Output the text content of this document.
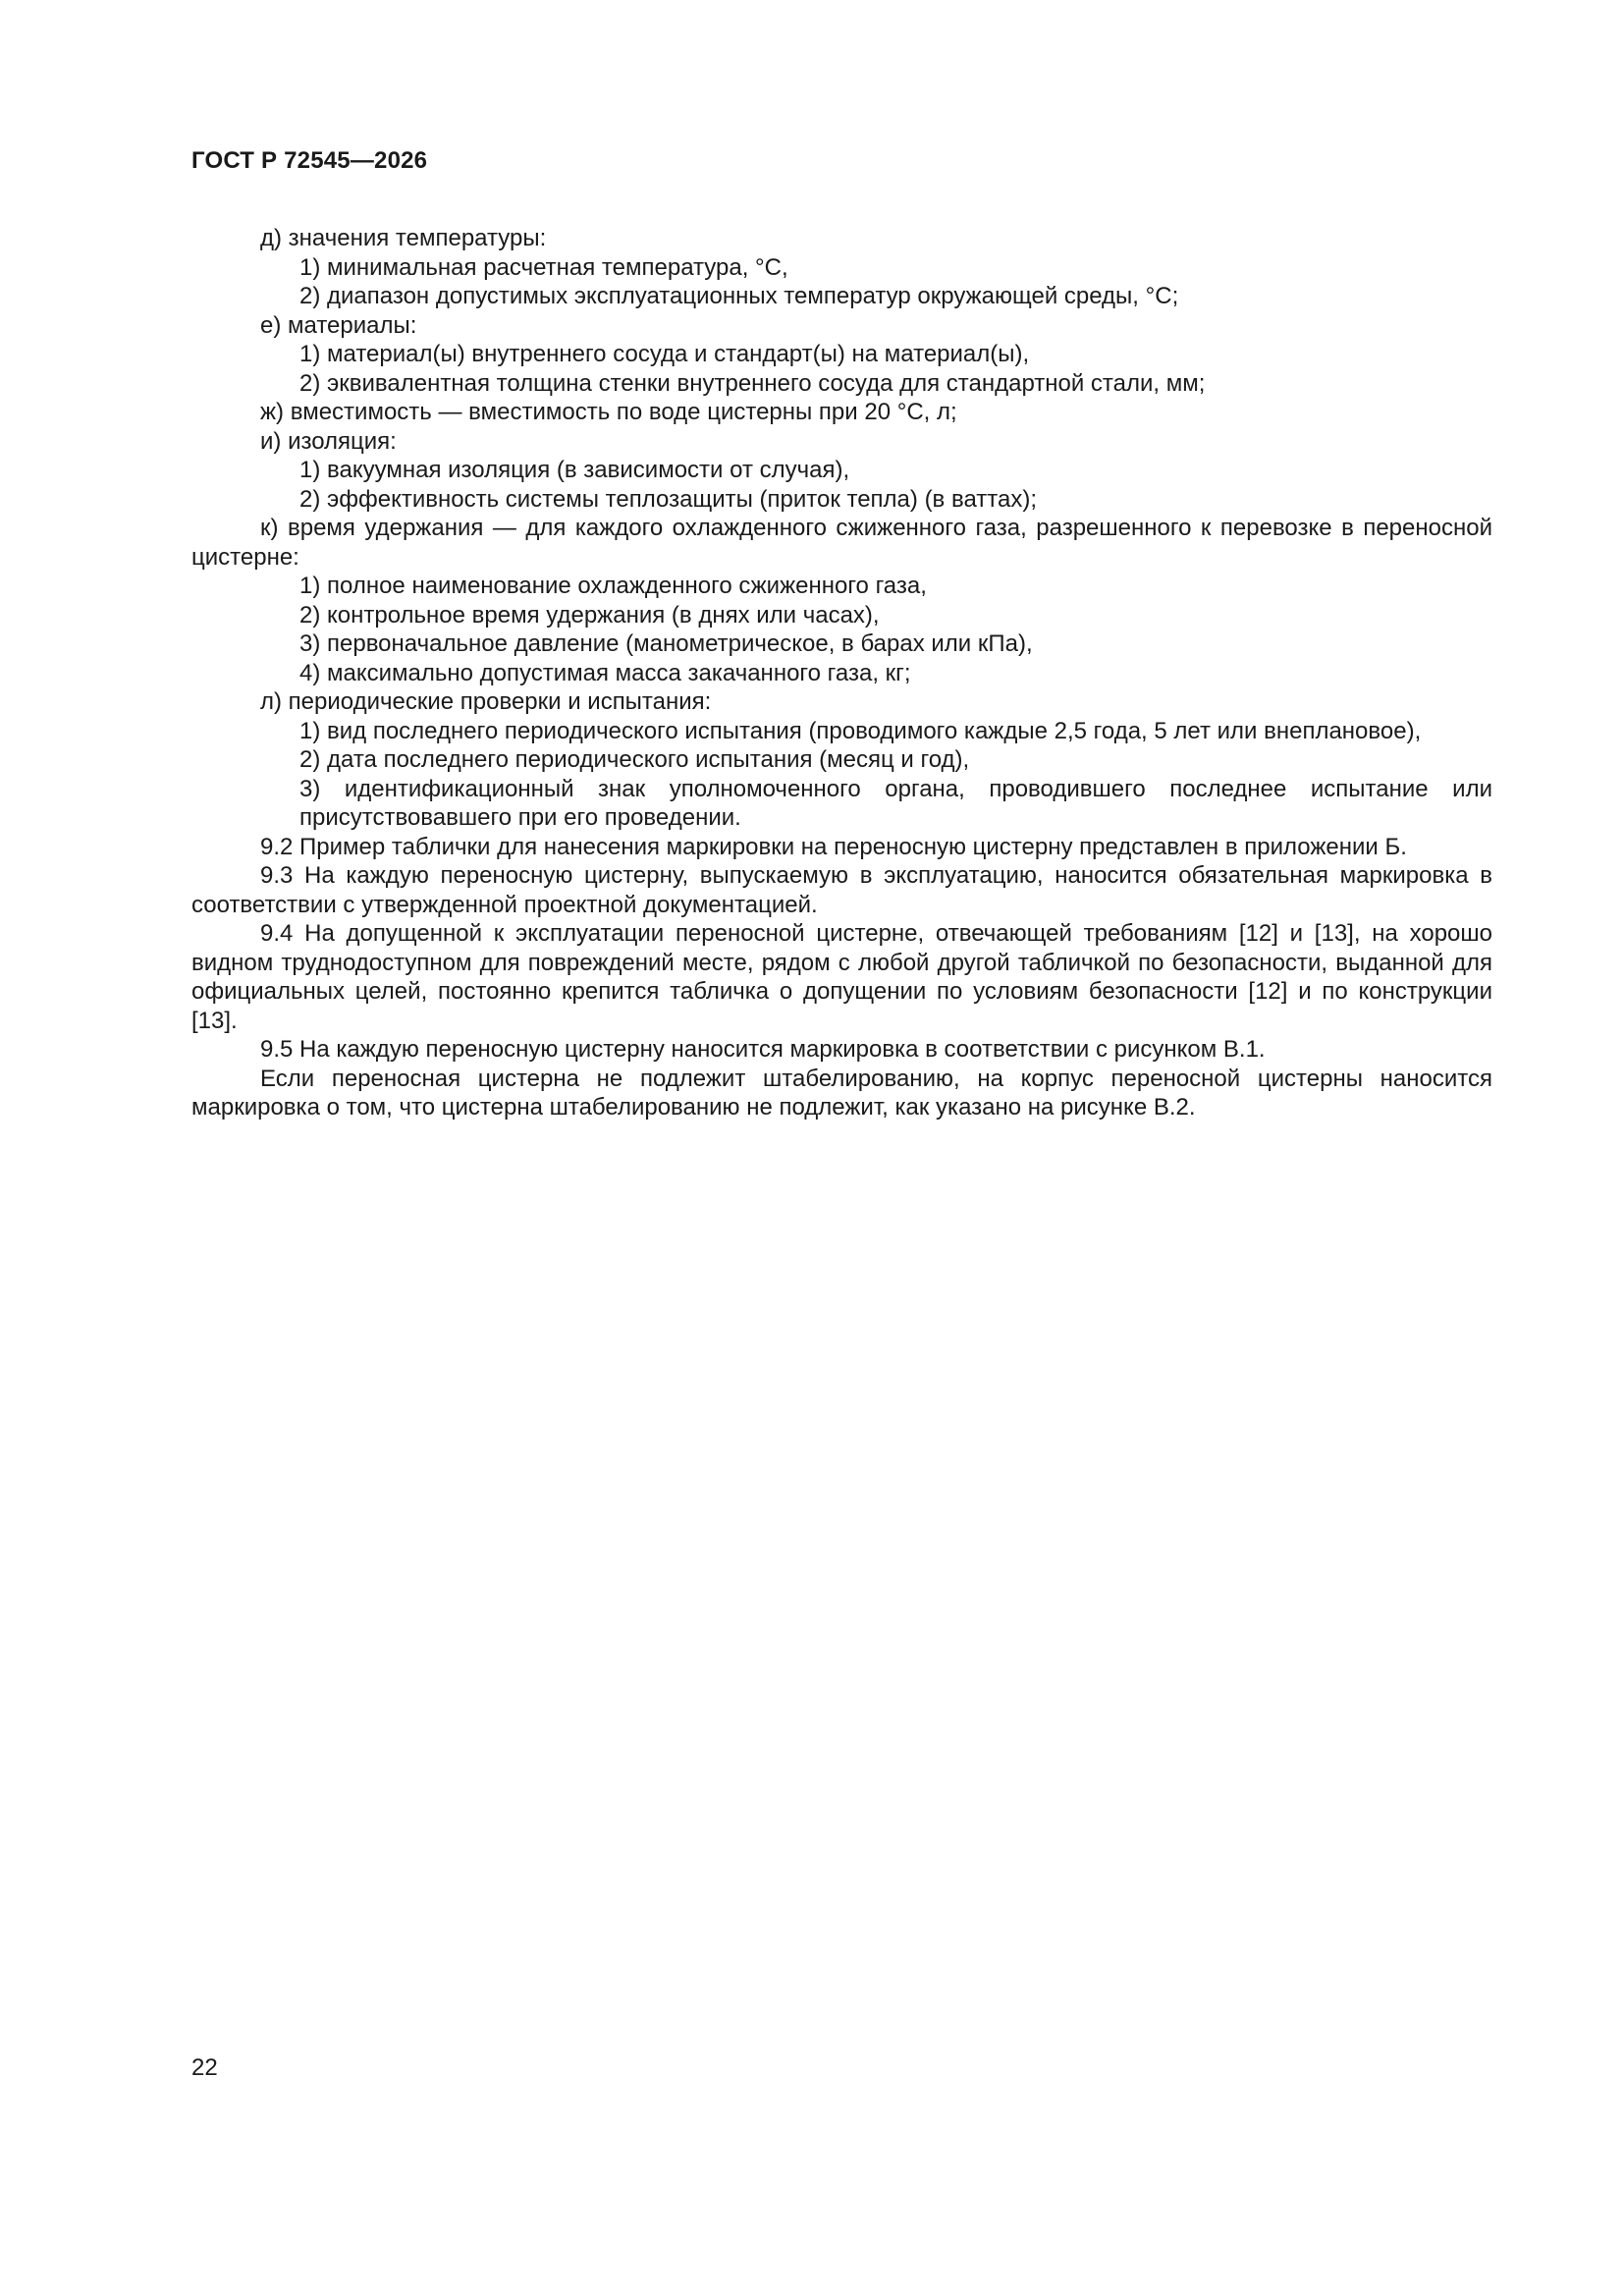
ГОСТ Р 72545—2026

д) значения температуры:

1) минимальная расчетная температура, °С,

2) диапазон допустимых эксплуатационных температур окружающей среды, °С;

е) материалы:

1) материал(ы) внутреннего сосуда и стандарт(ы) на материал(ы),

2) эквивалентная толщина стенки внутреннего сосуда для стандартной стали, мм;

ж) вместимость — вместимость по воде цистерны при 20 °С, л;

и) изоляция:

1) вакуумная изоляция (в зависимости от случая),

2) эффективность системы теплозащиты (приток тепла) (в ваттах);

к) время удержания — для каждого охлажденного сжиженного газа, разрешенного к перевозке в переносной цистерне:

1) полное наименование охлажденного сжиженного газа,

2) контрольное время удержания (в днях или часах),

3) первоначальное давление (манометрическое, в барах или кПа),

4) максимально допустимая масса закачанного газа, кг;

л) периодические проверки и испытания:

1) вид последнего периодического испытания (проводимого каждые 2,5 года, 5 лет или внеплановое),

2) дата последнего периодического испытания (месяц и год),

3) идентификационный знак уполномоченного органа, проводившего последнее испытание или присутствовавшего при его проведении.

9.2 Пример таблички для нанесения маркировки на переносную цистерну представлен в приложении Б.

9.3 На каждую переносную цистерну, выпускаемую в эксплуатацию, наносится обязательная маркировка в соответствии с утвержденной проектной документацией.

9.4 На допущенной к эксплуатации переносной цистерне, отвечающей требованиям [12] и [13], на хорошо видном труднодоступном для повреждений месте, рядом с любой другой табличкой по безопасности, выданной для официальных целей, постоянно крепится табличка о допущении по условиям безопасности [12] и по конструкции [13].

9.5 На каждую переносную цистерну наносится маркировка в соответствии с рисунком В.1.

Если переносная цистерна не подлежит штабелированию, на корпус переносной цистерны наносится маркировка о том, что цистерна штабелированию не подлежит, как указано на рисунке В.2.

22
